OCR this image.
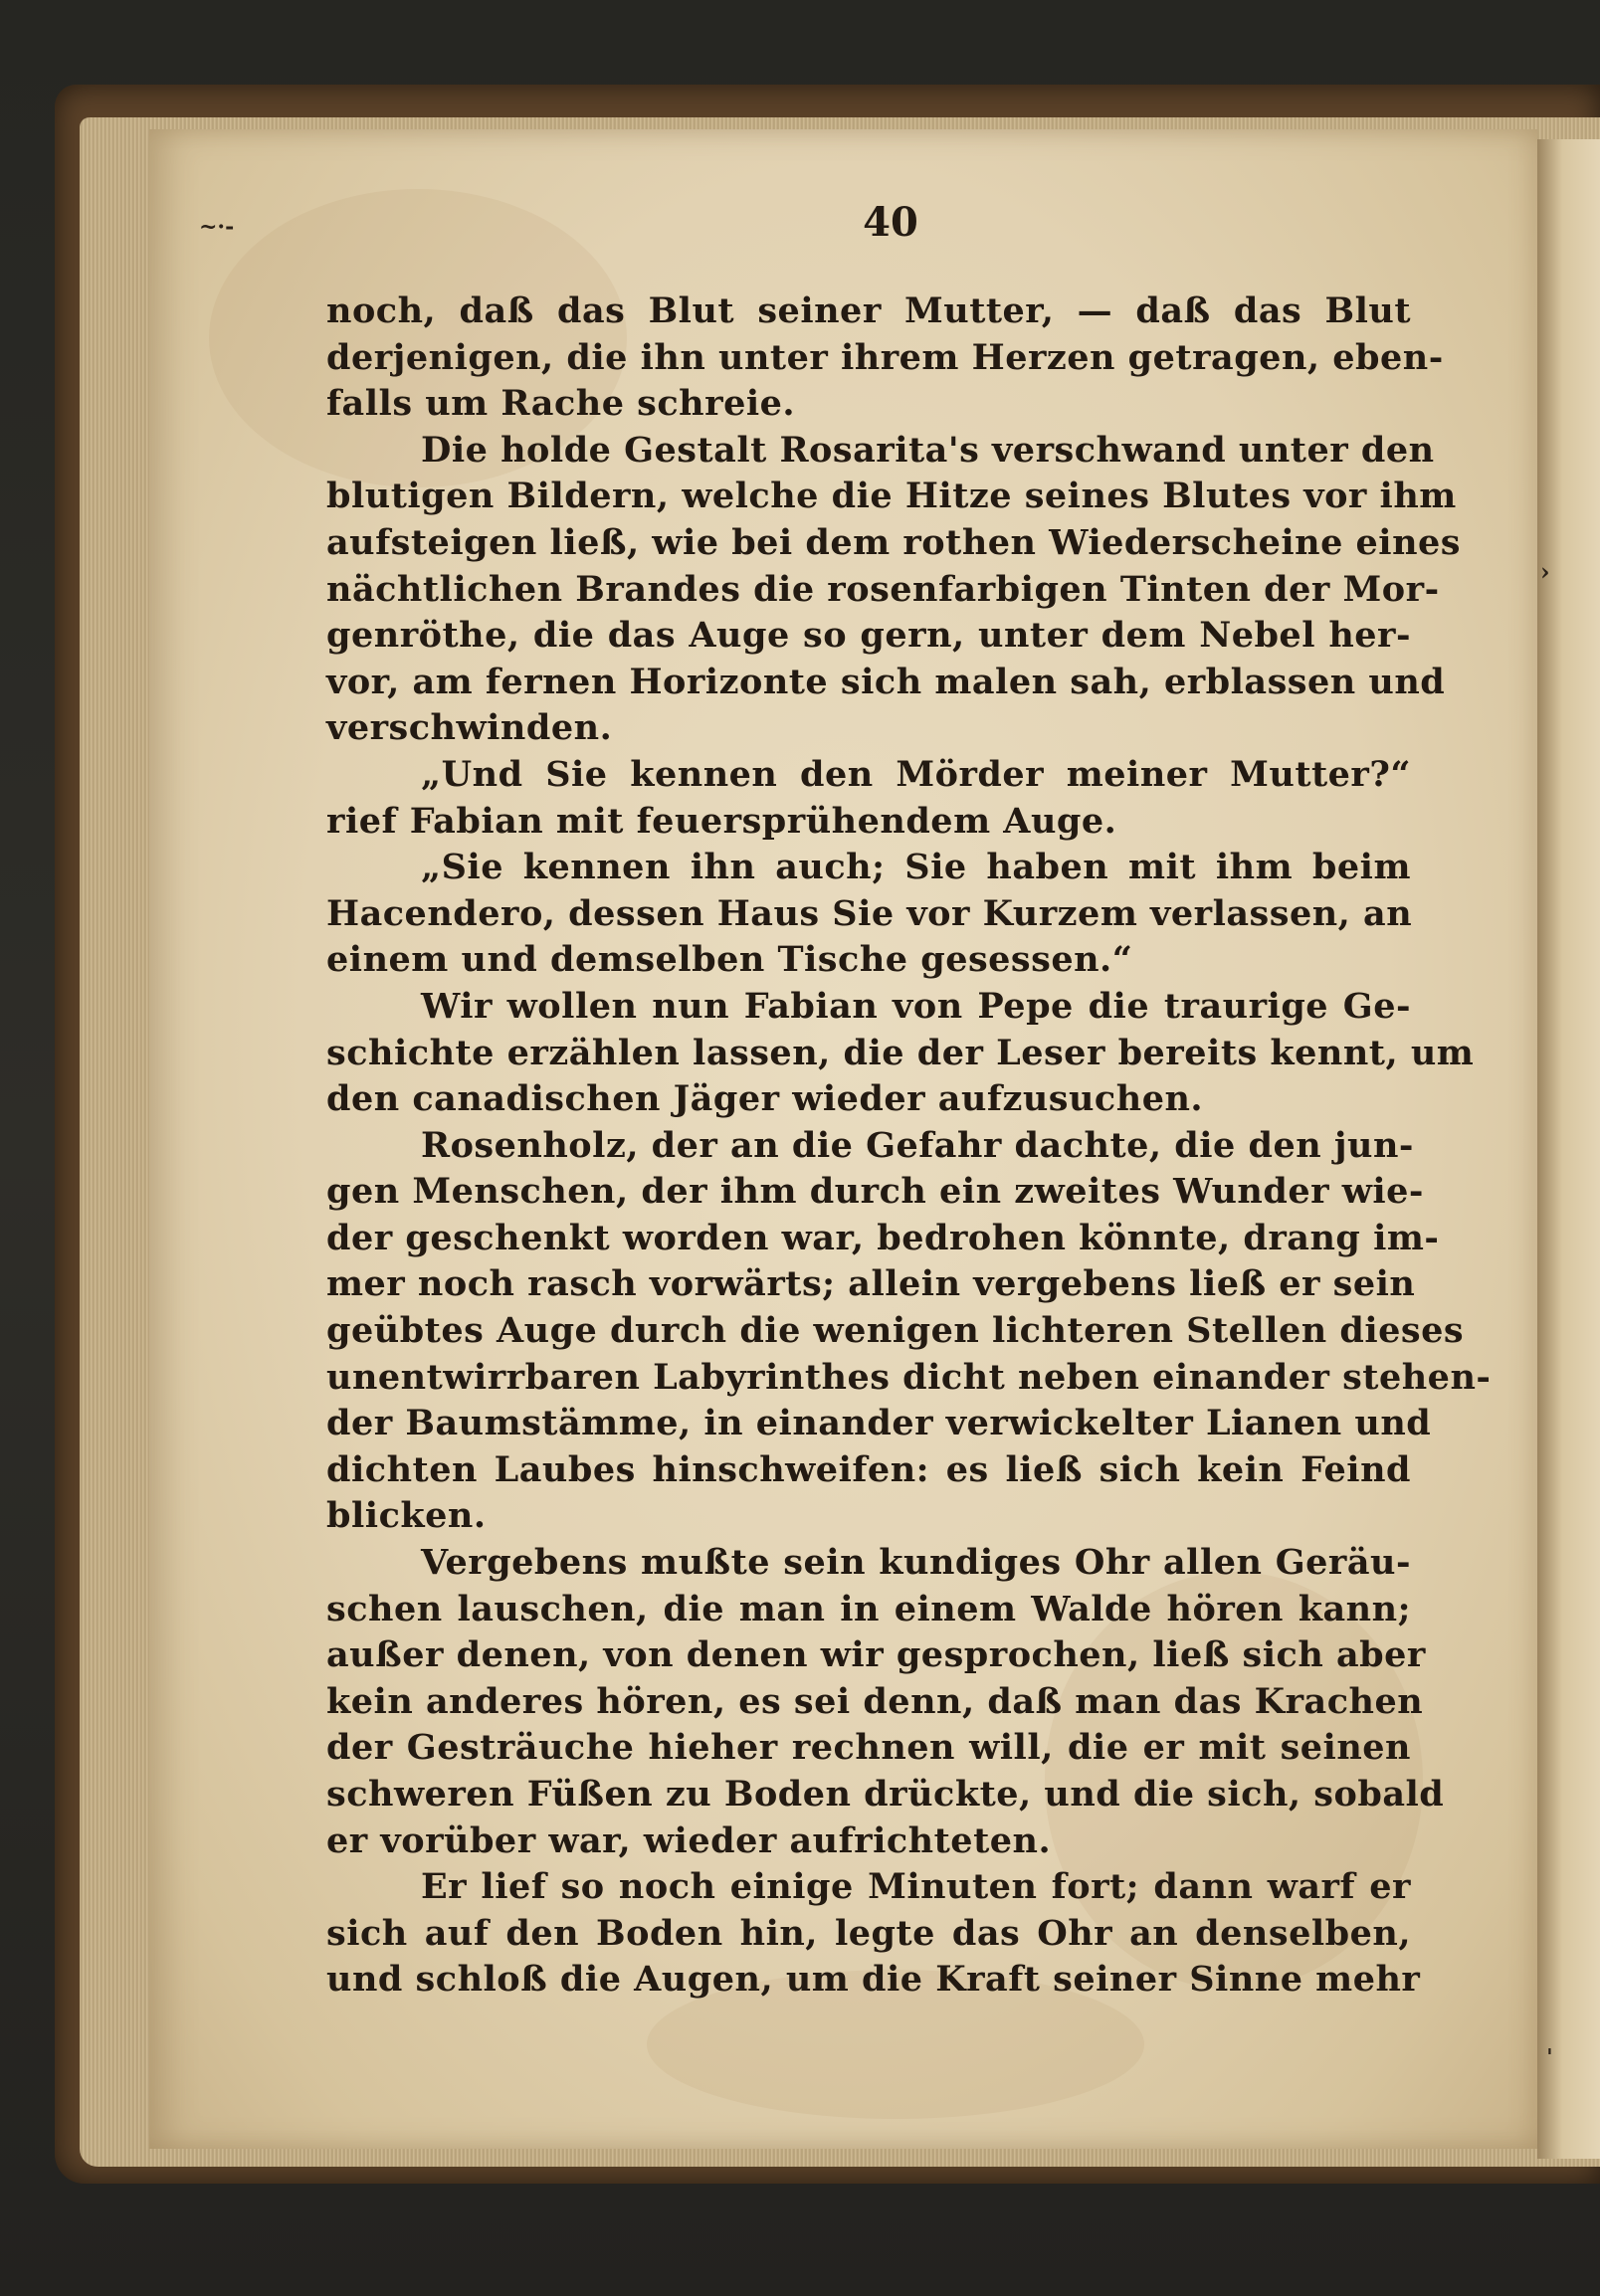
~·-
›
ˌ
40
noch, daß das Blut seiner Mutter, — daß das Blut
derjenigen, die ihn unter ihrem Herzen getragen, eben-
falls um Rache schreie.
Die holde Gestalt Rosarita's verschwand unter den
blutigen Bildern, welche die Hitze seines Blutes vor ihm
aufsteigen ließ, wie bei dem rothen Wiederscheine eines
nächtlichen Brandes die rosenfarbigen Tinten der Mor-
genröthe, die das Auge so gern, unter dem Nebel her-
vor, am fernen Horizonte sich malen sah, erblassen und
verschwinden.
„Und Sie kennen den Mörder meiner Mutter?“
rief Fabian mit feuersprühendem Auge.
„Sie kennen ihn auch; Sie haben mit ihm beim
Hacendero, dessen Haus Sie vor Kurzem verlassen, an
einem und demselben Tische gesessen.“
Wir wollen nun Fabian von Pepe die traurige Ge-
schichte erzählen lassen, die der Leser bereits kennt, um
den canadischen Jäger wieder aufzusuchen.
Rosenholz, der an die Gefahr dachte, die den jun-
gen Menschen, der ihm durch ein zweites Wunder wie-
der geschenkt worden war, bedrohen könnte, drang im-
mer noch rasch vorwärts; allein vergebens ließ er sein
geübtes Auge durch die wenigen lichteren Stellen dieses
unentwirrbaren Labyrinthes dicht neben einander stehen-
der Baumstämme, in einander verwickelter Lianen und
dichten Laubes hinschweifen: es ließ sich kein Feind
blicken.
Vergebens mußte sein kundiges Ohr allen Geräu-
schen lauschen, die man in einem Walde hören kann;
außer denen, von denen wir gesprochen, ließ sich aber
kein anderes hören, es sei denn, daß man das Krachen
der Gesträuche hieher rechnen will, die er mit seinen
schweren Füßen zu Boden drückte, und die sich, sobald
er vorüber war, wieder aufrichteten.
Er lief so noch einige Minuten fort; dann warf er
sich auf den Boden hin, legte das Ohr an denselben,
und schloß die Augen, um die Kraft seiner Sinne mehr
